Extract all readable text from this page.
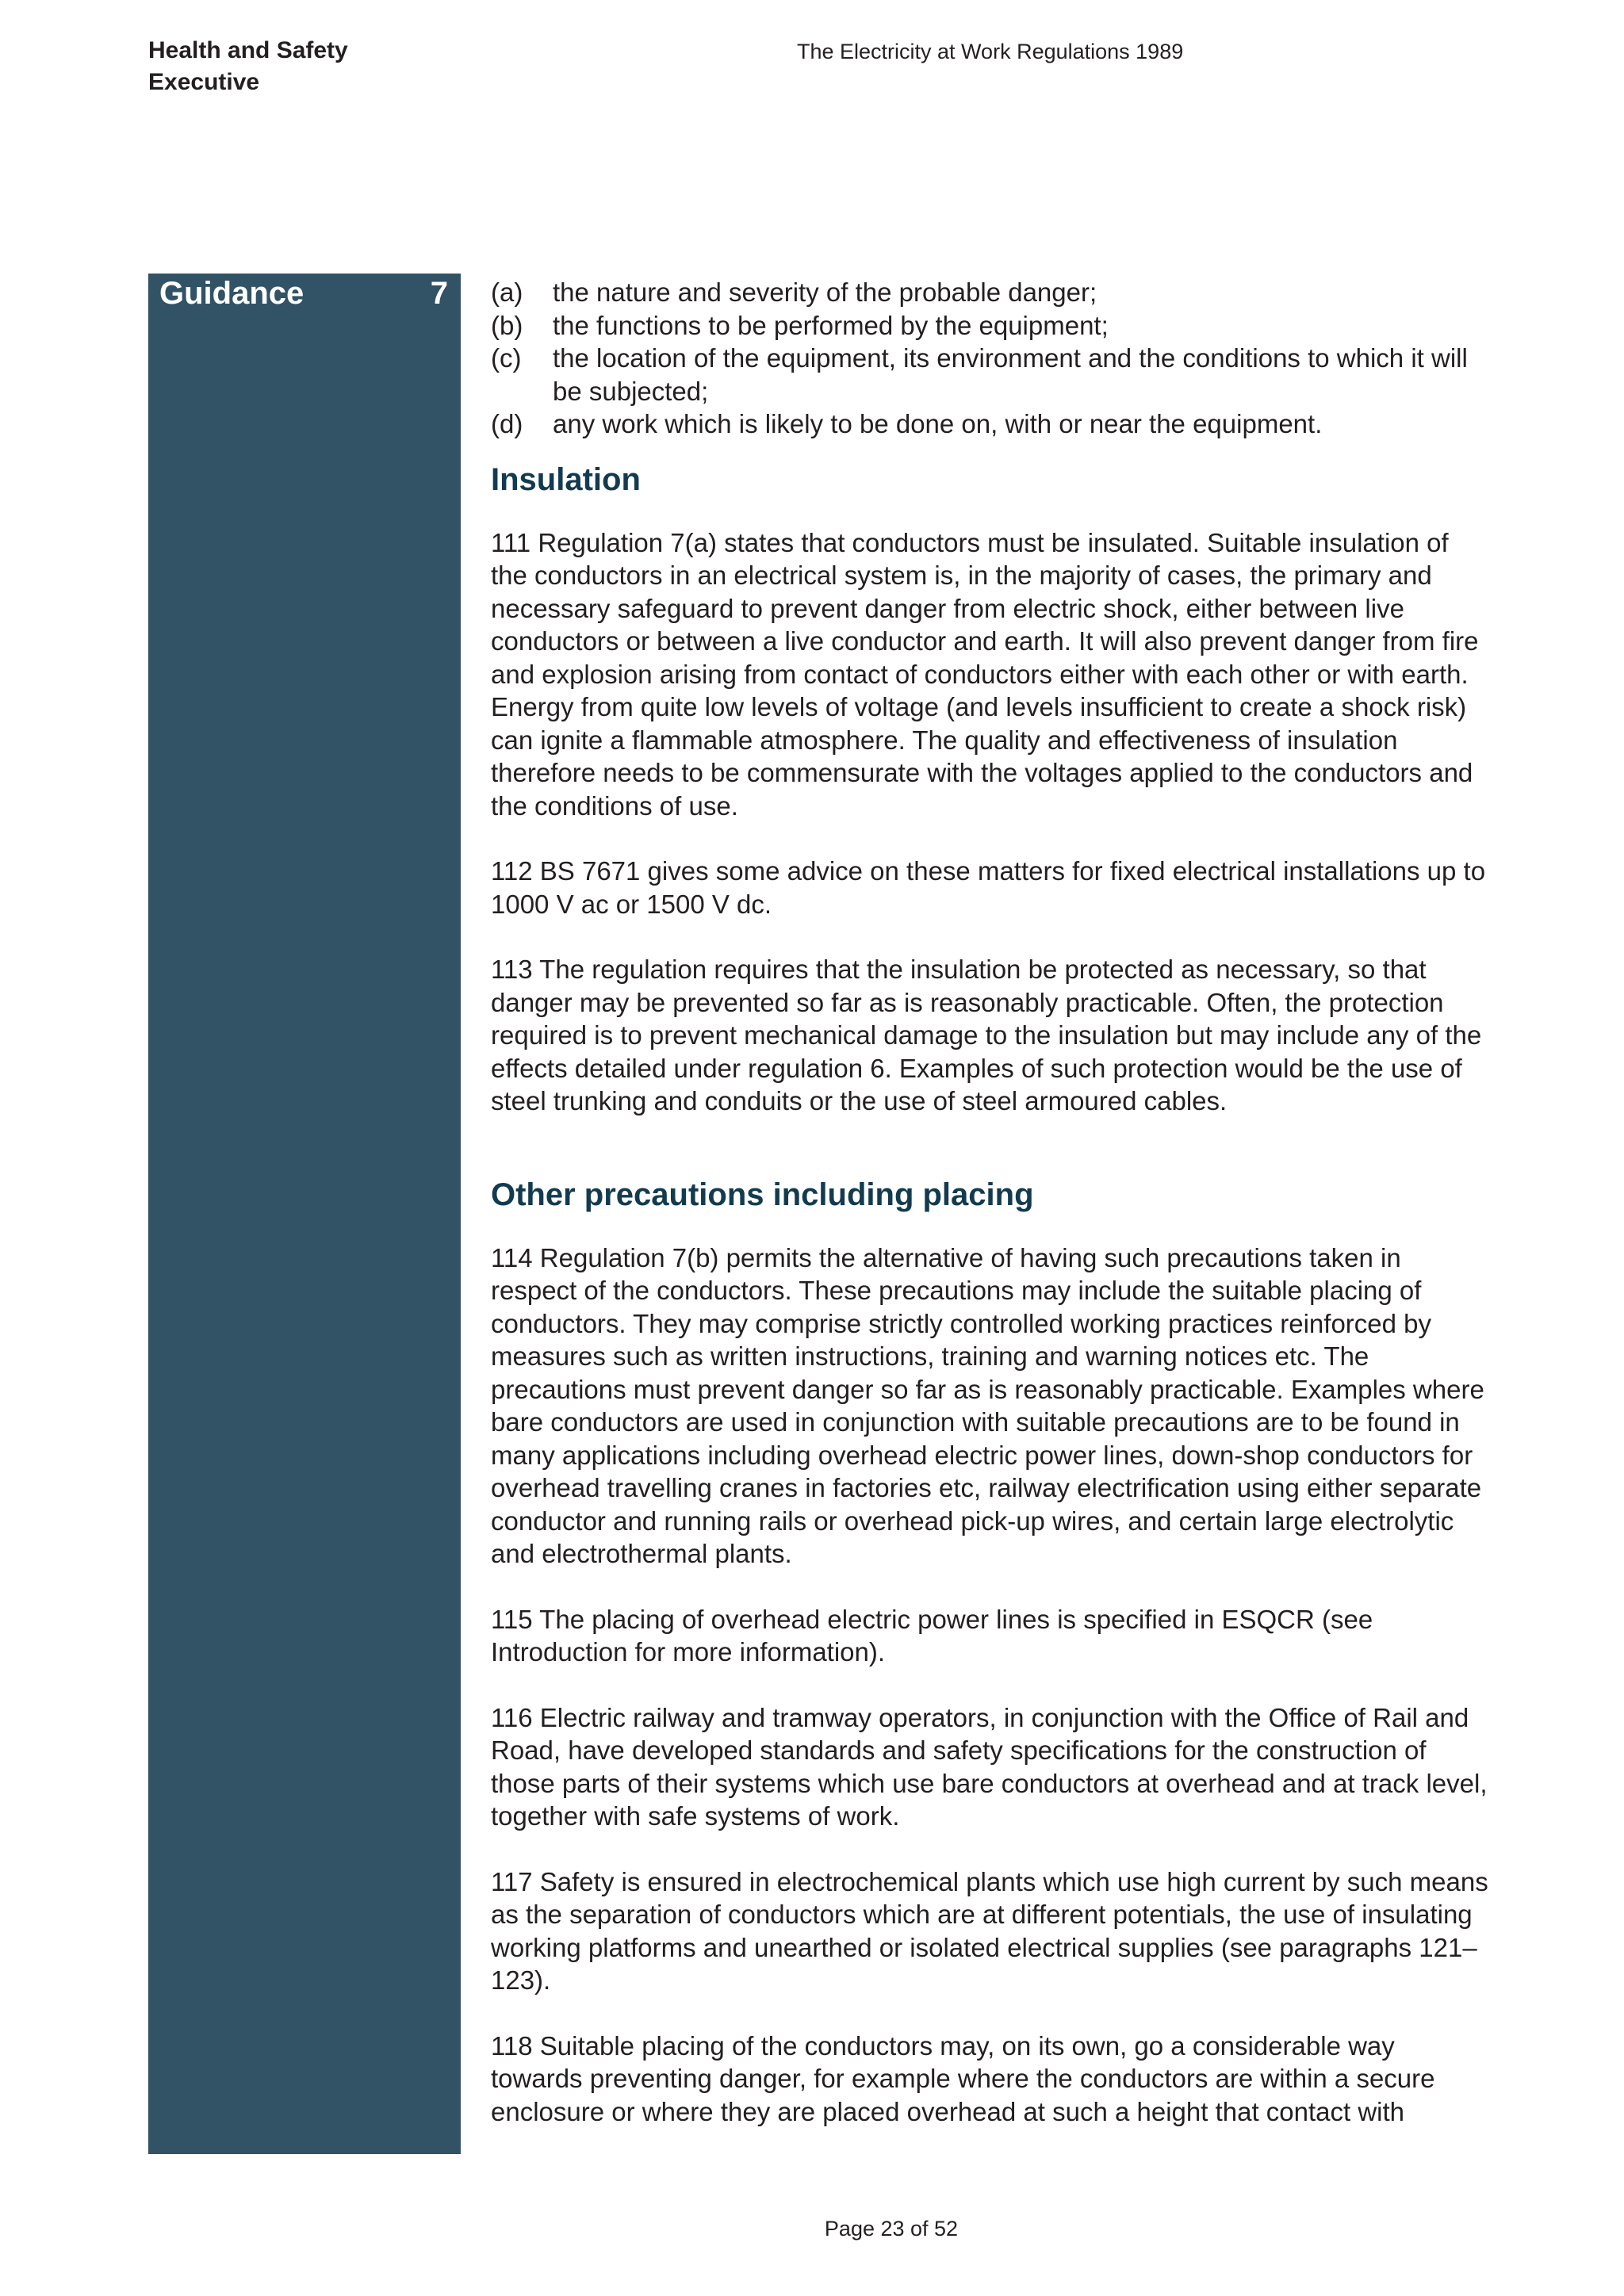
Health and Safety
Executive
The Electricity at Work Regulations 1989
Guidance	7 (a) the nature and severity of the probable danger;
(b) the functions to be performed by the equipment;
(c) the location of the equipment, its environment and the conditions to which it will be subjected;
(d) any work which is likely to be done on, with or near the equipment.
Insulation

111 Regulation 7(a) states that conductors must be insulated. Suitable insulation of the conductors in an electrical system is, in the majority of cases, the primary and necessary safeguard to prevent danger from electric shock, either between live conductors or between a live conductor and earth. It will also prevent danger from fire and explosion arising from contact of conductors either with each other or with earth. Energy from quite low levels of voltage (and levels insufficient to create a shock risk) can ignite a flammable atmosphere. The quality and effectiveness of insulation therefore needs to be commensurate with the voltages applied to the conductors and the conditions of use.

112 BS 7671 gives some advice on these matters for fixed electrical installations up to 1000 V ac or 1500 V dc.

113 The regulation requires that the insulation be protected as necessary, so that danger may be prevented so far as is reasonably practicable. Often, the protection required is to prevent mechanical damage to the insulation but may include any of the effects detailed under regulation 6. Examples of such protection would be the use of steel trunking and conduits or the use of steel armoured cables.

Other precautions including placing

114 Regulation 7(b) permits the alternative of having such precautions taken in respect of the conductors. These precautions may include the suitable placing of conductors. They may comprise strictly controlled working practices reinforced by measures such as written instructions, training and warning notices etc. The precautions must prevent danger so far as is reasonably practicable. Examples where bare conductors are used in conjunction with suitable precautions are to be found in many applications including overhead electric power lines, down-shop conductors for overhead travelling cranes in factories etc, railway electrification using either separate conductor and running rails or overhead pick-up wires, and certain large electrolytic and electrothermal plants.

115 The placing of overhead electric power lines is specified in ESQCR (see Introduction for more information).

116 Electric railway and tramway operators, in conjunction with the Office of Rail and Road, have developed standards and safety specifications for the construction of those parts of their systems which use bare conductors at overhead and at track level, together with safe systems of work.

117 Safety is ensured in electrochemical plants which use high current by such means as the separation of conductors which are at different potentials, the use of insulating working platforms and unearthed or isolated electrical supplies (see paragraphs 121–123).

118 Suitable placing of the conductors may, on its own, go a considerable way towards preventing danger, for example where the conductors are within a secure enclosure or where they are placed overhead at such a height that contact with

Page 23 of 52
